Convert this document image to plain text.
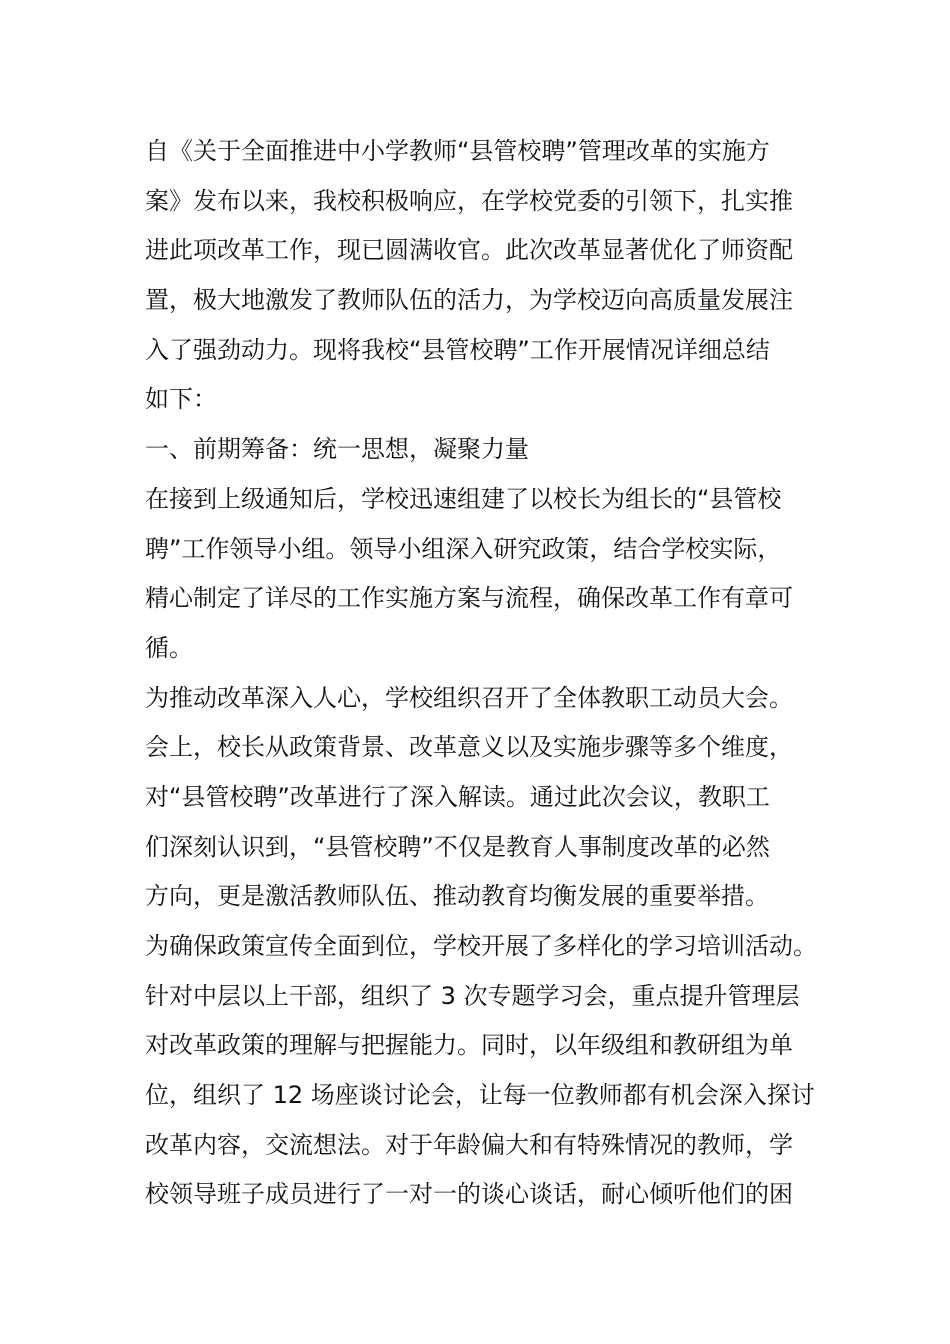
自《关于全面推进中小学教师“县管校聘”管理改革的实施方
案》发布以来，我校积极响应，在学校党委的引领下，扎实推
进此项改革工作，现已圆满收官。此次改革显著优化了师资配
置，极大地激发了教师队伍的活力，为学校迈向高质量发展注
入了强劲动力。现将我校“县管校聘”工作开展情况详细总结
如下：
一、前期筹备：统一思想，凝聚力量
在接到上级通知后，学校迅速组建了以校长为组长的“县管校
聘”工作领导小组。领导小组深入研究政策，结合学校实际，
精心制定了详尽的工作实施方案与流程，确保改革工作有章可
循。
为推动改革深入人心，学校组织召开了全体教职工动员大会。
会上，校长从政策背景、改革意义以及实施步骤等多个维度，
对“县管校聘”改革进行了深入解读。通过此次会议，教职工
们深刻认识到，“县管校聘”不仅是教育人事制度改革的必然
方向，更是激活教师队伍、推动教育均衡发展的重要举措。
为确保政策宣传全面到位，学校开展了多样化的学习培训活动。
针对中层以上干部，组织了 3 次专题学习会，重点提升管理层
对改革政策的理解与把握能力。同时，以年级组和教研组为单
位，组织了 12 场座谈讨论会，让每一位教师都有机会深入探讨
改革内容，交流想法。对于年龄偏大和有特殊情况的教师，学
校领导班子成员进行了一对一的谈心谈话，耐心倾听他们的困
